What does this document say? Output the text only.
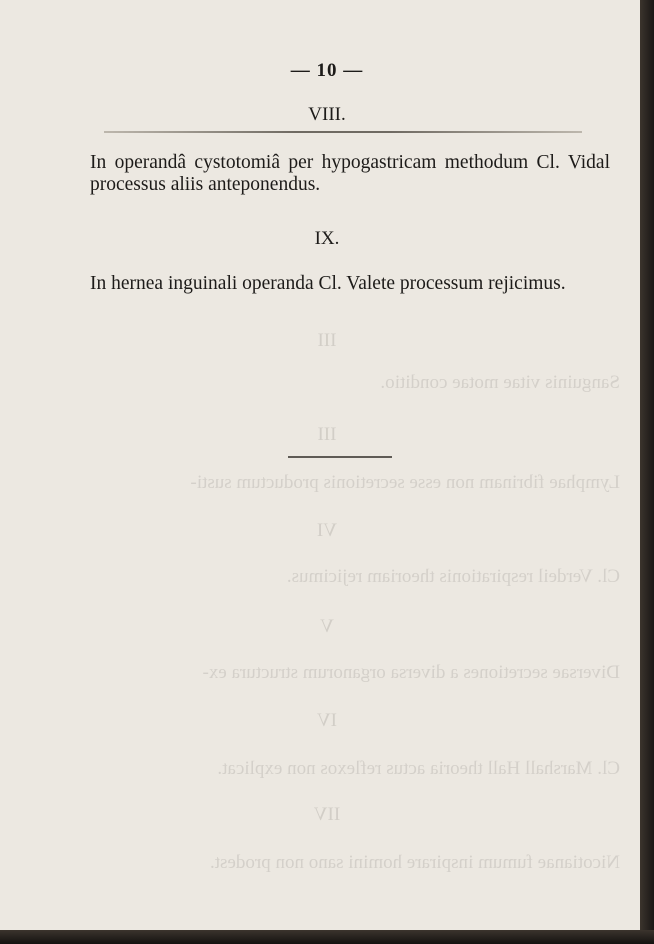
III
Sanguinis vitae motae conditio.
III
Lymphae fibrinam non esse secretionis productum susti-
VI
Cl. Verdeil respirationis theoriam rejicimus.
V
Diversae secretiones a diversa organorum structura ex-
IV
Cl. Marshall Hall theoria actus reflexos non explicat.
IIV
Nicotianae fumum inspirare homini sano non prodest.
— 10 —
VIII.
In operandâ cystotomiâ per hypogastricam methodum Cl. Vidal processus aliis anteponendus.
IX.
In hernea inguinali operanda Cl. Valete processum rejicimus.
